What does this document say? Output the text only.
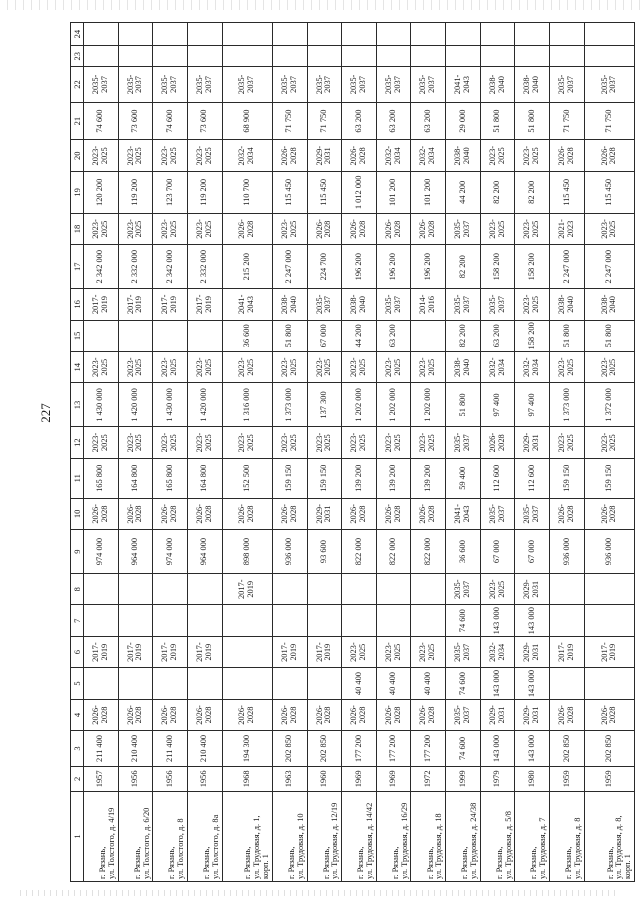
227
1	2	3	4	5	6	7	8	9	10	11	12	13	14	15	16	17	18	19	20	21	22	23	24
г. Рязань,
ул. Толстого, д. 4/19	1957	211 400	2026-
2028		2017-
2019			974 000	2026-
2028	165 800	2023-
2025	1 430 000	2023-
2025		2017-
2019	2 342 000	2023-
2025	120 200	2023-
2025	74 600	2035-
2037		
г. Рязань,
ул. Толстого, д. 6/20	1956	210 400	2026-
2028		2017-
2019			964 000	2026-
2028	164 800	2023-
2025	1 420 000	2023-
2025		2017-
2019	2 332 000	2023-
2025	119 200	2023-
2025	73 600	2035-
2037		
г. Рязань,
ул. Толстого, д. 8	1956	211 400	2026-
2028		2017-
2019			974 000	2026-
2028	165 800	2023-
2025	1 430 000	2023-
2025		2017-
2019	2 342 000	2023-
2025	123 700	2023-
2025	74 600	2035-
2037		
г. Рязань,
ул. Толстого, д. 8а	1956	210 400	2026-
2028		2017-
2019			964 000	2026-
2028	164 800	2023-
2025	1 420 000	2023-
2025		2017-
2019	2 332 000	2023-
2025	119 200	2023-
2025	73 600	2035-
2037		
г. Рязань,
ул. Трудовая, д. 1,
корп. 1	1968	194 300	2026-
2028				2017-
2019	898 000	2026-
2028	152 500	2023-
2025	1 316 000	2023-
2025	36 600	2041-
2043	215 200	2026-
2028	110 700	2032-
2034	68 900	2035-
2037		
г. Рязань,
ул. Трудовая, д. 10	1963	202 850	2026-
2028		2017-
2019			936 000	2026-
2028	159 150	2023-
2025	1 373 000	2023-
2025	51 800	2038-
2040	2 247 000	2023-
2025	115 450	2026-
2028	71 750	2035-
2037		
г. Рязань,
ул. Трудовая, д. 12/19	1960	202 850	2026-
2028		2017-
2019			93 600	2029-
2031	159 150	2023-
2025	137 300	2023-
2025	67 000	2035-
2037	224 700	2026-
2028	115 450	2029-
2031	71 750	2035-
2037		
г. Рязань,
ул. Трудовая, д. 14/42	1969	177 200	2026-
2028	40 400	2023-
2025			822 000	2026-
2028	139 200	2023-
2025	1 202 000	2023-
2025	44 200	2038-
2040	196 200	2026-
2028	1 012 000	2026-
2028	63 200	2035-
2037		
г. Рязань,
ул. Трудовая, д. 16/29	1969	177 200	2026-
2028	40 400	2023-
2025			822 000	2026-
2028	139 200	2023-
2025	1 202 000	2023-
2025	63 200	2035-
2037	196 200	2026-
2028	101 200	2032-
2034	63 200	2035-
2037		
г. Рязань,
ул. Трудовая, д. 18	1972	177 200	2026-
2028	40 400	2023-
2025			822 000	2026-
2028	139 200	2023-
2025	1 202 000	2023-
2025		2014-
2016	196 200	2026-
2028	101 200	2032-
2034	63 200	2035-
2037		
г. Рязань,
ул. Трудовая, д. 24/38	1999	74 600	2035-
2037	74 600	2035-
2037	74 600	2035-
2037	36 600	2041-
2043	59 400	2035-
2037	51 800	2038-
2040	82 200	2035-
2037	82 200	2035-
2037	44 200	2038-
2040	29 000	2041-
2043		
г. Рязань,
ул. Трудовая, д. 5/8	1979	143 000	2029-
2031	143 000	2032-
2034	143 000	2023-
2025	67 000	2035-
2037	112 600	2026-
2028	97 400	2032-
2034	63 200	2035-
2037	158 200	2023-
2025	82 200	2023-
2025	51 800	2038-
2040		
г. Рязань,
ул. Трудовая, д. 7	1980	143 000	2029-
2031	143 000	2029-
2031	143 000	2029-
2031	67 000	2035-
2037	112 600	2029-
2031	97 400	2032-
2034	158 200	2023-
2025	158 200	2023-
2025	82 200	2023-
2025	51 800	2038-
2040		
г. Рязань,
ул. Трудовая, д. 8	1959	202 850	2026-
2028		2017-
2019			936 000	2026-
2028	159 150	2023-
2025	1 373 000	2023-
2025	51 800	2038-
2040	2 247 000	2021-
2023	115 450	2026-
2028	71 750	2035-
2037		
г. Рязань,
ул. Трудовая, д. 8,
корп. 1	1959	202 850	2026-
2028		2017-
2019			936 000	2026-
2028	159 150	2023-
2025	1 372 000	2023-
2025	51 800	2038-
2040	2 247 000	2023-
2025	115 450	2026-
2028	71 750	2035-
2037		
